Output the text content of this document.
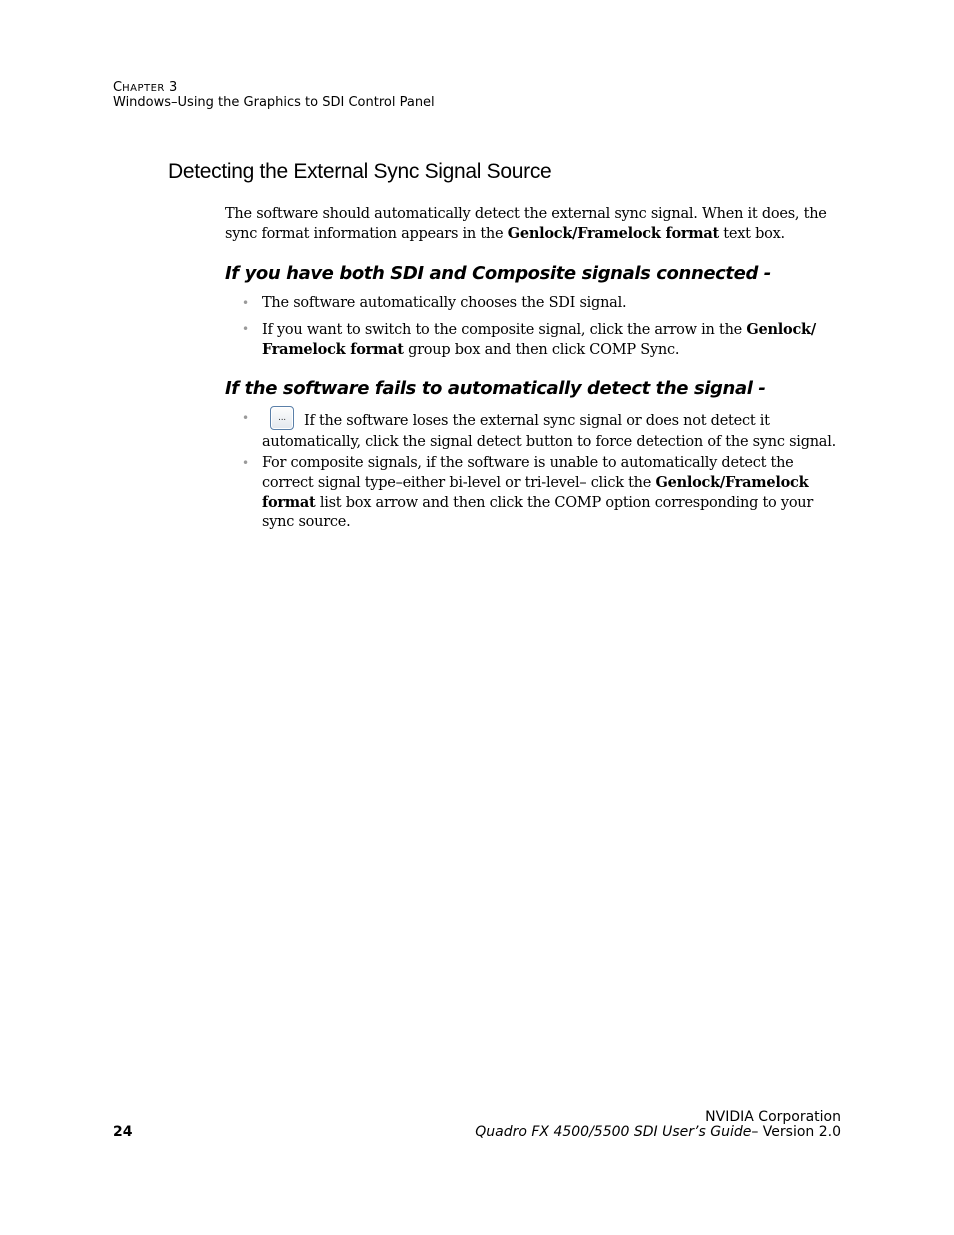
CHAPTER 3
Windows–Using the Graphics to SDI Control Panel
Detecting the External Sync Signal Source

The software should automatically detect the external sync signal. When it does, the sync format information appears in the Genlock/Framelock format text box.

If you have both SDI and Composite signals connected -
• The software automatically chooses the SDI signal.

• If you want to switch to the composite signal, click the arrow in the Genlock/ Framelock format group box and then click COMP Sync.

If the software fails to automatically detect the signal -
•	... If the software loses the external sync signal or does not detect it automatically, click the signal detect button to force detection of the sync signal.

• For composite signals, if the software is unable to automatically detect the correct signal type–either bi-level or tri-level– click the Genlock/Framelock format list box arrow and then click the COMP option corresponding to your sync source.

NVIDIA Corporation
24	Quadro FX 4500/5500 SDI User’s Guide– Version 2.0
